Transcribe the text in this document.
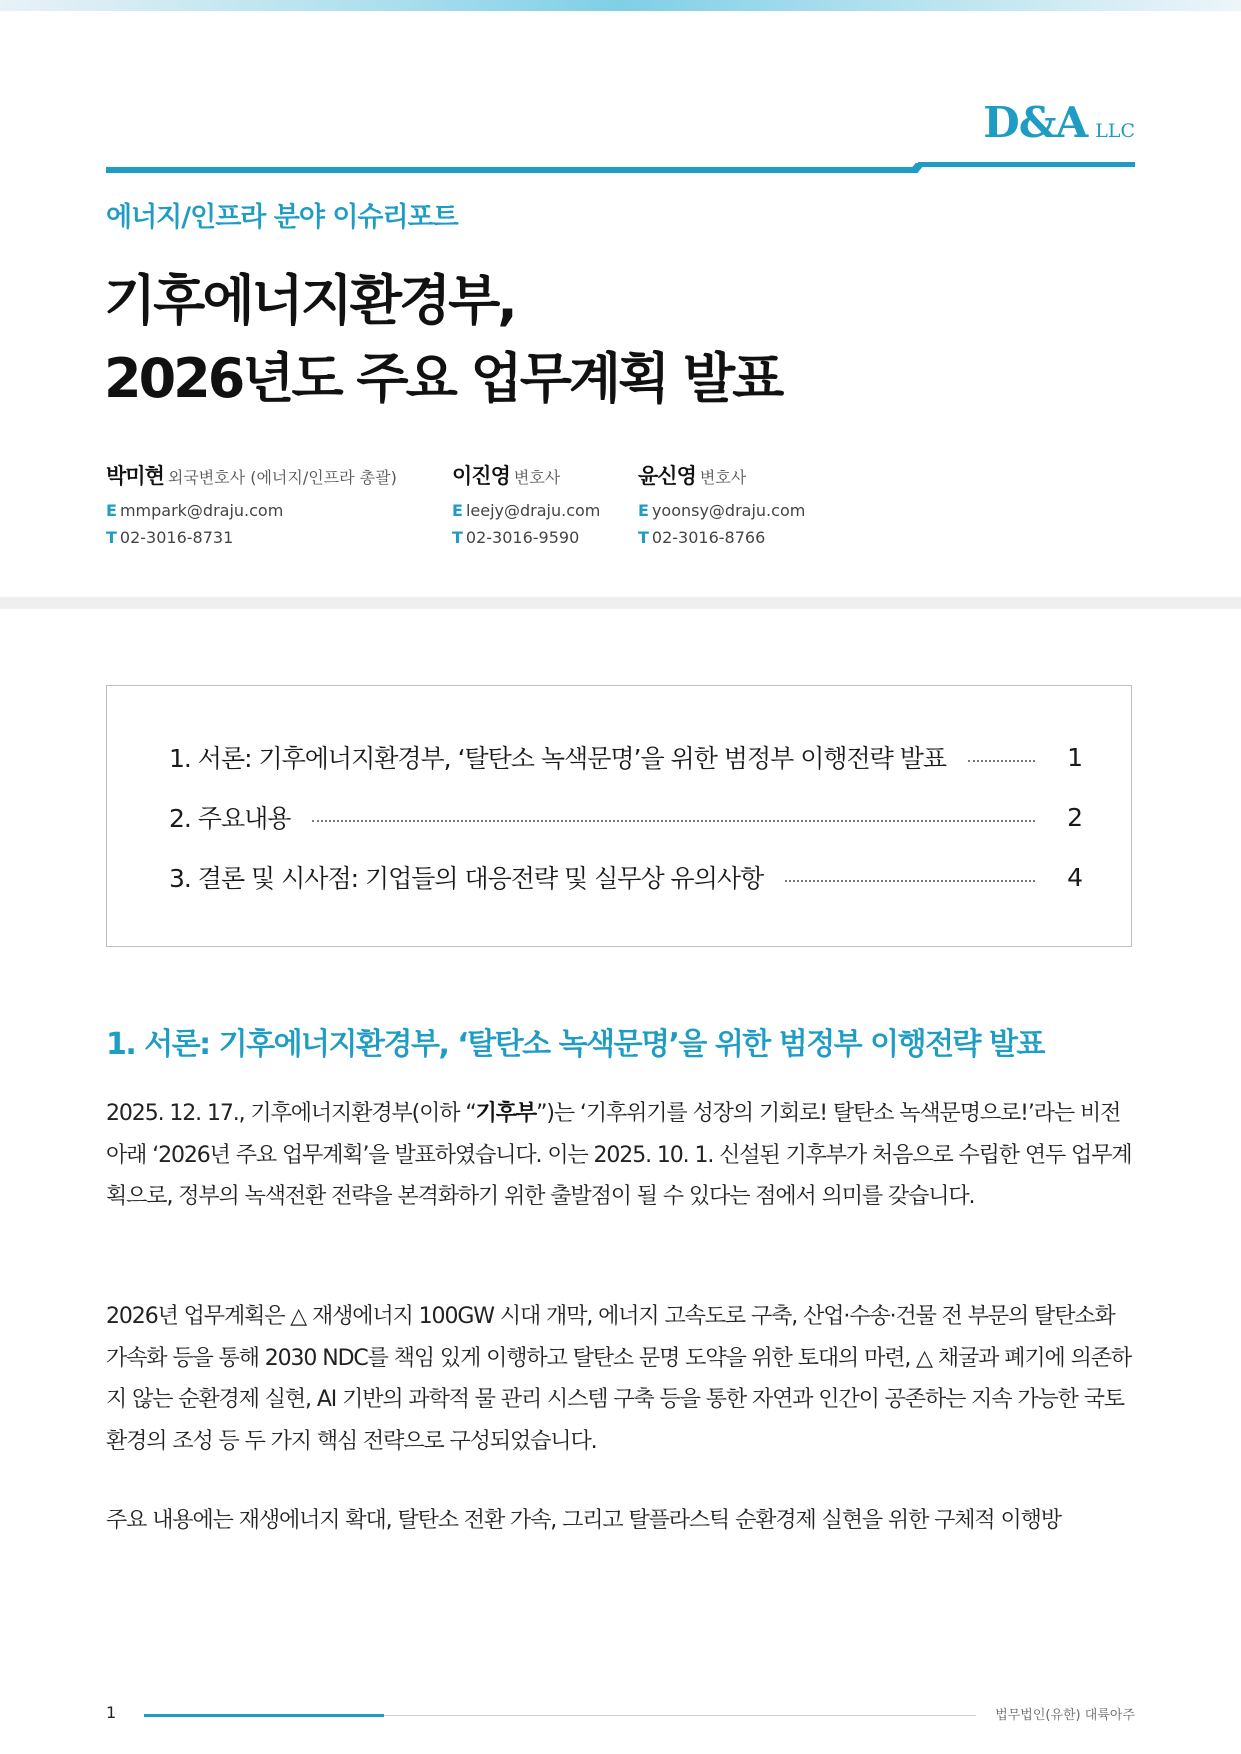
D&A LLC
에너지/인프라 분야 이슈리포트
기후에너지환경부,
2026년도 주요 업무계획 발표
박미현 외국변호사 (에너지/인프라 총괄)
E mmpark@draju.com
T 02-3016-8731
이진영 변호사
E leejy@draju.com
T 02-3016-9590
윤신영 변호사
E yoonsy@draju.com
T 02-3016-8766
1. 서론: 기후에너지환경부, ‘탈탄소 녹색문명’을 위한 범정부 이행전략 발표	1
2. 주요내용	2
3. 결론 및 시사점: 기업들의 대응전략 및 실무상 유의사항	4
1. 서론: 기후에너지환경부, ‘탈탄소 녹색문명’을 위한 범정부 이행전략 발표
2025. 12. 17., 기후에너지환경부(이하 “기후부”)는 ‘기후위기를 성장의 기회로! 탈탄소 녹색문명으로!’라는 비전 아래 ‘2026년 주요 업무계획’을 발표하였습니다. 이는 2025. 10. 1. 신설된 기후부가 처음으로 수립한 연두 업무계획으로, 정부의 녹색전환 전략을 본격화하기 위한 출발점이 될 수 있다는 점에서 의미를 갖습니다.
2026년 업무계획은 △ 재생에너지 100GW 시대 개막, 에너지 고속도로 구축, 산업·수송·건물 전 부문의 탈탄소화 가속화 등을 통해 2030 NDC를 책임 있게 이행하고 탈탄소 문명 도약을 위한 토대의 마련, △ 채굴과 폐기에 의존하지 않는 순환경제 실현, AI 기반의 과학적 물 관리 시스템 구축 등을 통한 자연과 인간이 공존하는 지속 가능한 국토 환경의 조성 등 두 가지 핵심 전략으로 구성되었습니다.
주요 내용에는 재생에너지 확대, 탈탄소 전환 가속, 그리고 탈플라스틱 순환경제 실현을 위한 구체적 이행방
1	법무법인(유한) 대륙아주
